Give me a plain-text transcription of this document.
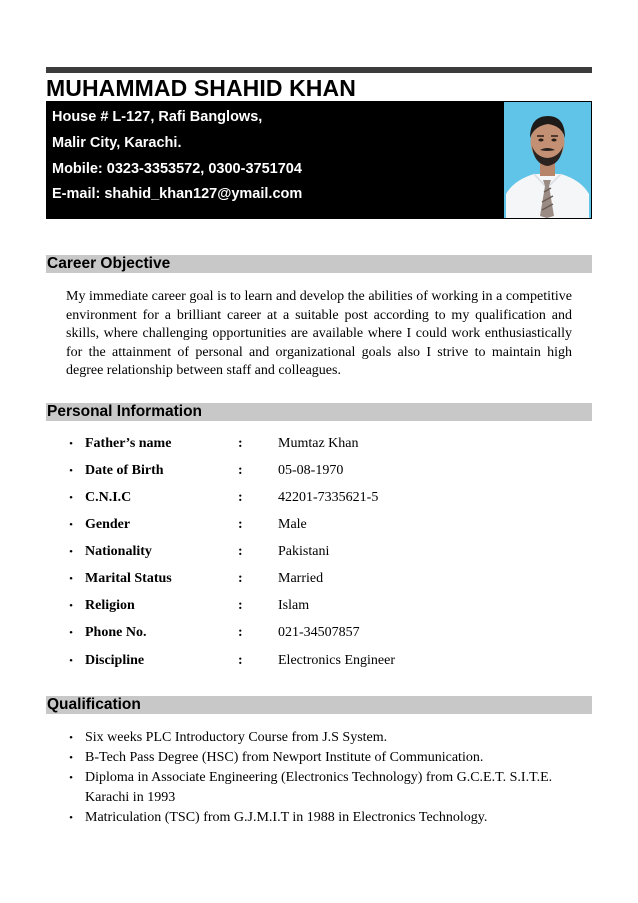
MUHAMMAD SHAHID KHAN
House # L-127, Rafi Banglows,
Malir City, Karachi.
Mobile: 0323-3353572, 0300-3751704
E-mail: shahid_khan127@ymail.com
Career Objective

My immediate career goal is to learn and develop the abilities of working in a competitive environment for a brilliant career at a suitable post according to my qualification and skills, where challenging opportunities are available where I could work enthusiastically for the attainment of personal and organizational goals also I strive to maintain high degree relationship between staff and colleagues.

Personal Information
• Father’s name	:	Mumtaz Khan
• Date of Birth	:	05-08-1970
• C.N.I.C	:	42201-7335621-5
• Gender	:	Male
• Nationality	:	Pakistani
• Marital Status	:	Married
• Religion	:	Islam
• Phone No.	:	021-34507857
• Discipline	:	Electronics Engineer
Qualification
• Six weeks PLC Introductory Course from J.S System.
• B-Tech Pass Degree (HSC) from Newport Institute of Communication.
• Diploma in Associate Engineering (Electronics Technology) from G.C.E.T. S.I.T.E. Karachi in 1993
• Matriculation (TSC) from G.J.M.I.T in 1988 in Electronics Technology.
